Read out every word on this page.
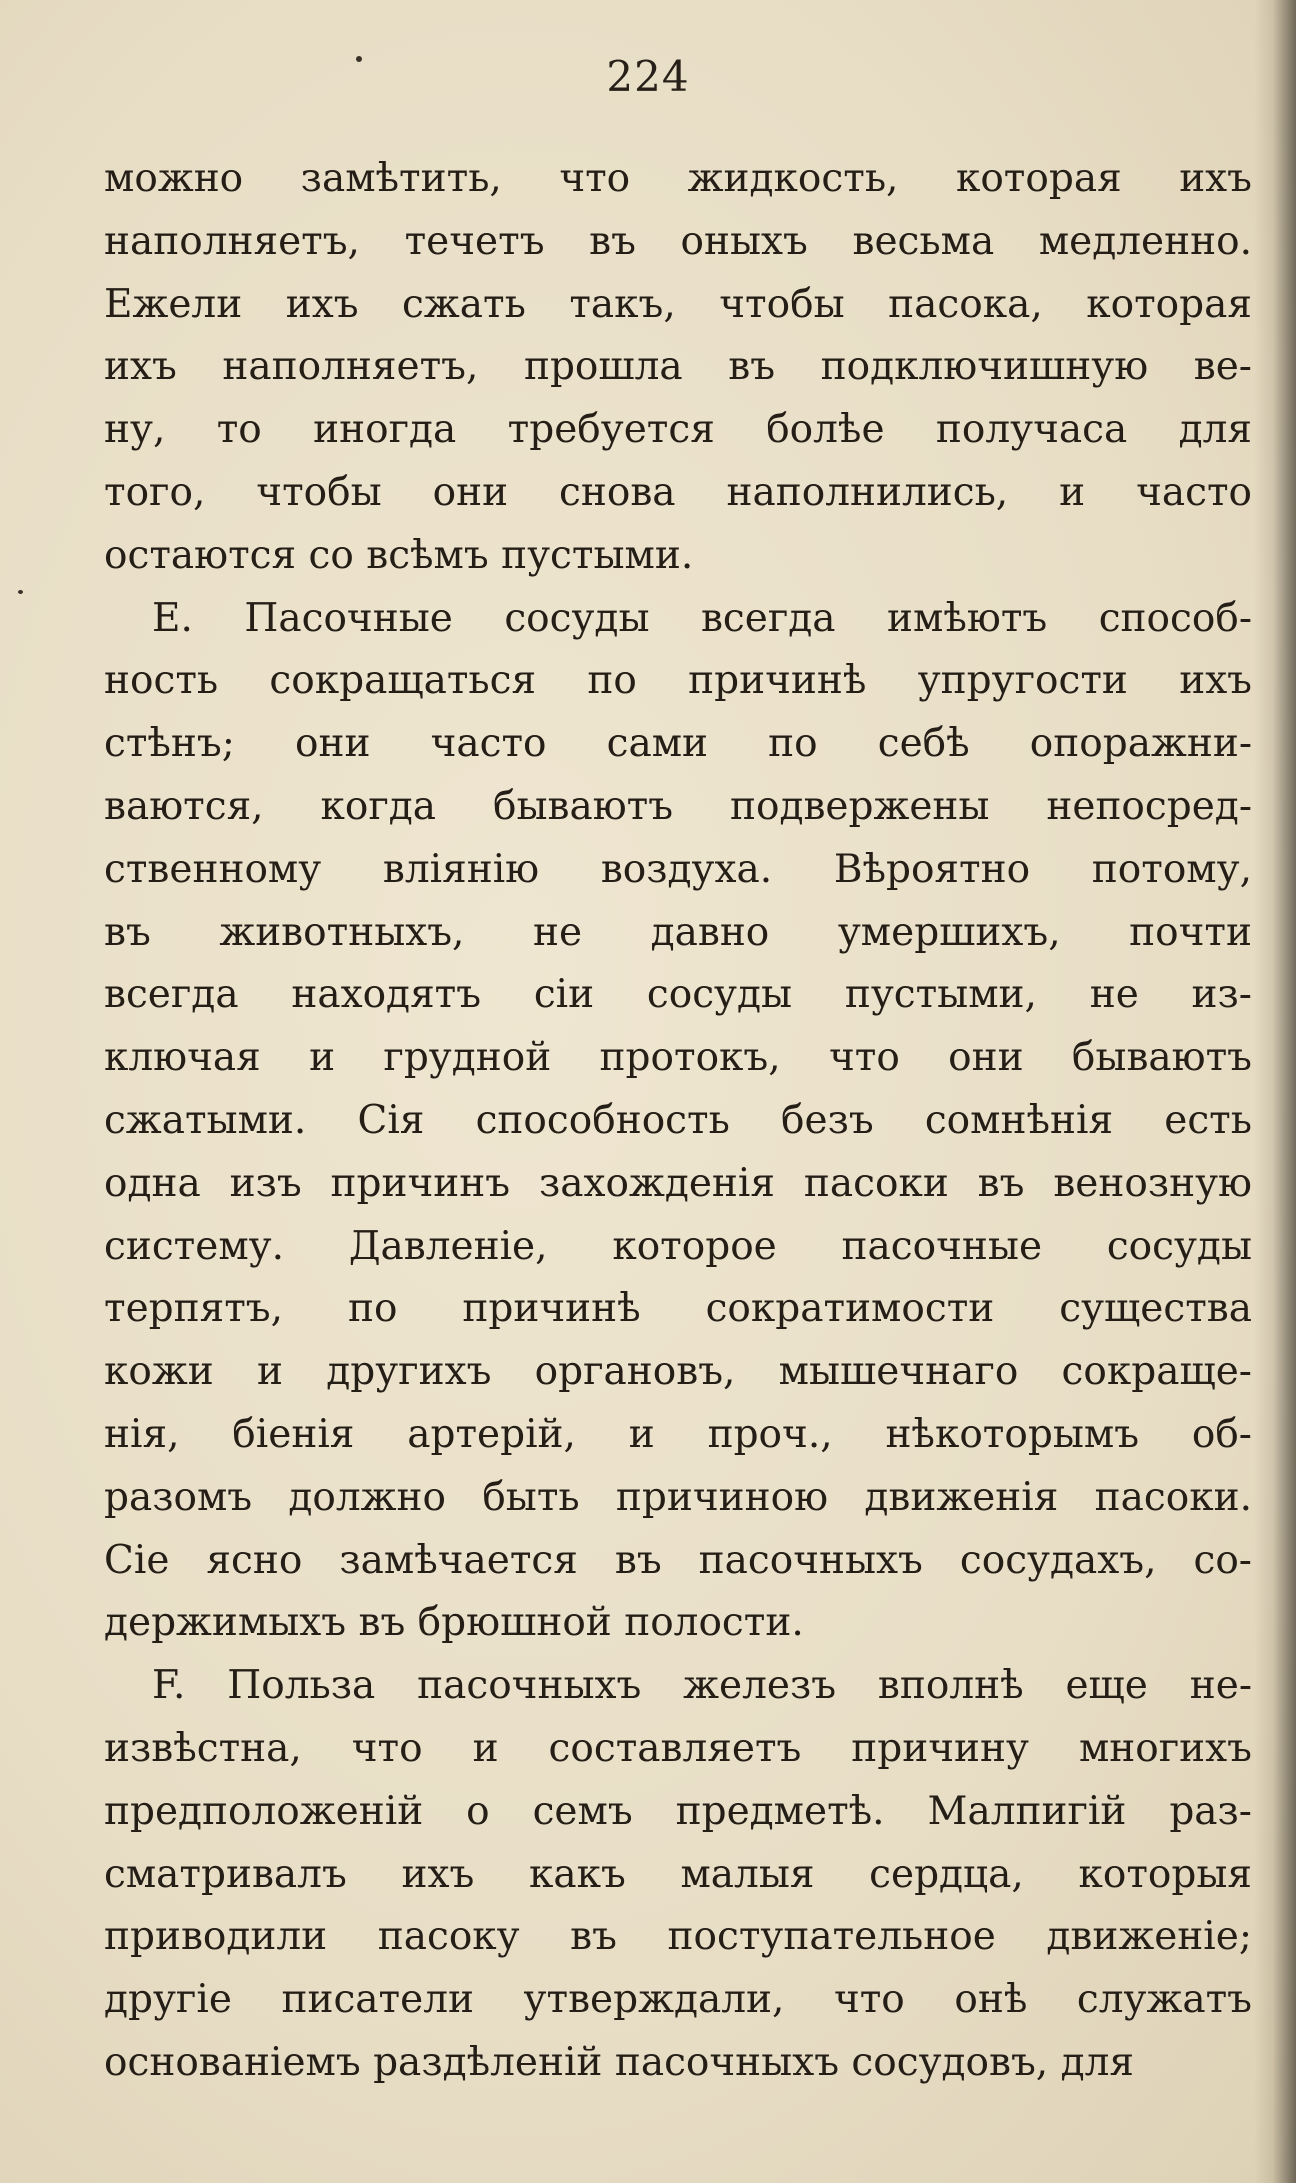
224
можно замѣтить, что жидкость, которая ихъ
наполняетъ, течетъ въ оныхъ весьма медленно.
Ежели ихъ сжать такъ, чтобы пасока, которая
ихъ наполняетъ, прошла въ подключишную ве-
ну, то иногда требуется болѣе получаса для
того, чтобы они снова наполнились, и часто
остаются со всѣмъ пустыми.
E. Пасочные сосуды всегда имѣютъ способ-
ность сокращаться по причинѣ упругости ихъ
стѣнъ; они часто сами по себѣ опоражни-
ваются, когда бываютъ подвержены непосред-
ственному вліянію воздуха. Вѣроятно потому,
въ животныхъ, не давно умершихъ, почти
всегда находятъ сіи сосуды пустыми, не из-
ключая и грудной протокъ, что они бываютъ
сжатыми. Сія способность безъ сомнѣнія есть
одна изъ причинъ захожденія пасоки въ венозную
систему. Давленіе, которое пасочные сосуды
терпятъ, по причинѣ сократимости существа
кожи и другихъ органовъ, мышечнаго сокраще-
нія, біенія артерій, и проч., нѣкоторымъ об-
разомъ должно быть причиною движенія пасоки.
Сіе ясно замѣчается въ пасочныхъ сосудахъ, со-
держимыхъ въ брюшной полости.
F. Польза пасочныхъ железъ вполнѣ еще не-
извѣстна, что и составляетъ причину многихъ
предположеній о семъ предметѣ. Малпигій раз-
сматривалъ ихъ какъ малыя сердца, которыя
приводили пасоку въ поступательное движеніе;
другіе писатели утверждали, что онѣ служатъ
основаніемъ раздѣленій пасочныхъ сосудовъ, для
